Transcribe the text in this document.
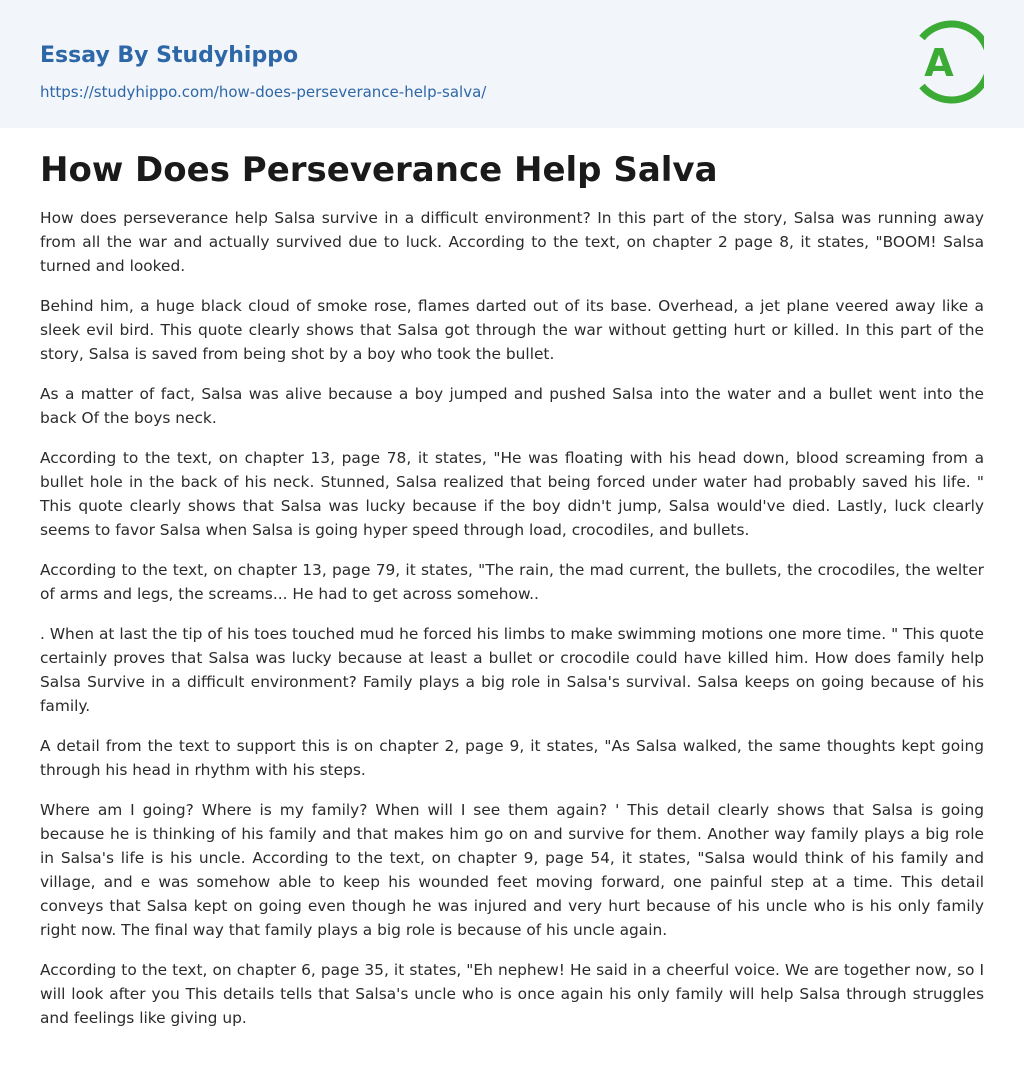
Essay By Studyhippo
https://studyhippo.com/how-does-perseverance-help-salva/
A
How Does Perseverance Help Salva

How does perseverance help Salsa survive in a difficult environment? In this part of the story, Salsa was running away from all the war and actually survived due to luck. According to the text, on chapter 2 page 8, it states, "BOOM! Salsa turned and looked.

Behind him, a huge black cloud of smoke rose, flames darted out of its base. Overhead, a jet plane veered away like a sleek evil bird. This quote clearly shows that Salsa got through the war without getting hurt or killed. In this part of the story, Salsa is saved from being shot by a boy who took the bullet.

As a matter of fact, Salsa was alive because a boy jumped and pushed Salsa into the water and a bullet went into the back Of the boys neck.

According to the text, on chapter 13, page 78, it states, "He was floating with his head down, blood screaming from a bullet hole in the back of his neck. Stunned, Salsa realized that being forced under water had probably saved his life. " This quote clearly shows that Salsa was lucky because if the boy didn't jump, Salsa would've died. Lastly, luck clearly seems to favor Salsa when Salsa is going hyper speed through load, crocodiles, and bullets.

According to the text, on chapter 13, page 79, it states, "The rain, the mad current, the bullets, the crocodiles, the welter of arms and legs, the screams... He had to get across somehow..

. When at last the tip of his toes touched mud he forced his limbs to make swimming motions one more time. " This quote certainly proves that Salsa was lucky because at least a bullet or crocodile could have killed him. How does family help Salsa Survive in a difficult environment? Family plays a big role in Salsa's survival. Salsa keeps on going because of his family.

A detail from the text to support this is on chapter 2, page 9, it states, "As Salsa walked, the same thoughts kept going through his head in rhythm with his steps.

Where am I going? Where is my family? When will I see them again? ' This detail clearly shows that Salsa is going because he is thinking of his family and that makes him go on and survive for them. Another way family plays a big role in Salsa's life is his uncle. According to the text, on chapter 9, page 54, it states, "Salsa would think of his family and village, and e was somehow able to keep his wounded feet moving forward, one painful step at a time. This detail conveys that Salsa kept on going even though he was injured and very hurt because of his uncle who is his only family right now. The final way that family plays a big role is because of his uncle again.

According to the text, on chapter 6, page 35, it states, "Eh nephew! He said in a cheerful voice. We are together now, so I will look after you This details tells that Salsa's uncle who is once again his only family will help Salsa through struggles and feelings like giving up.
